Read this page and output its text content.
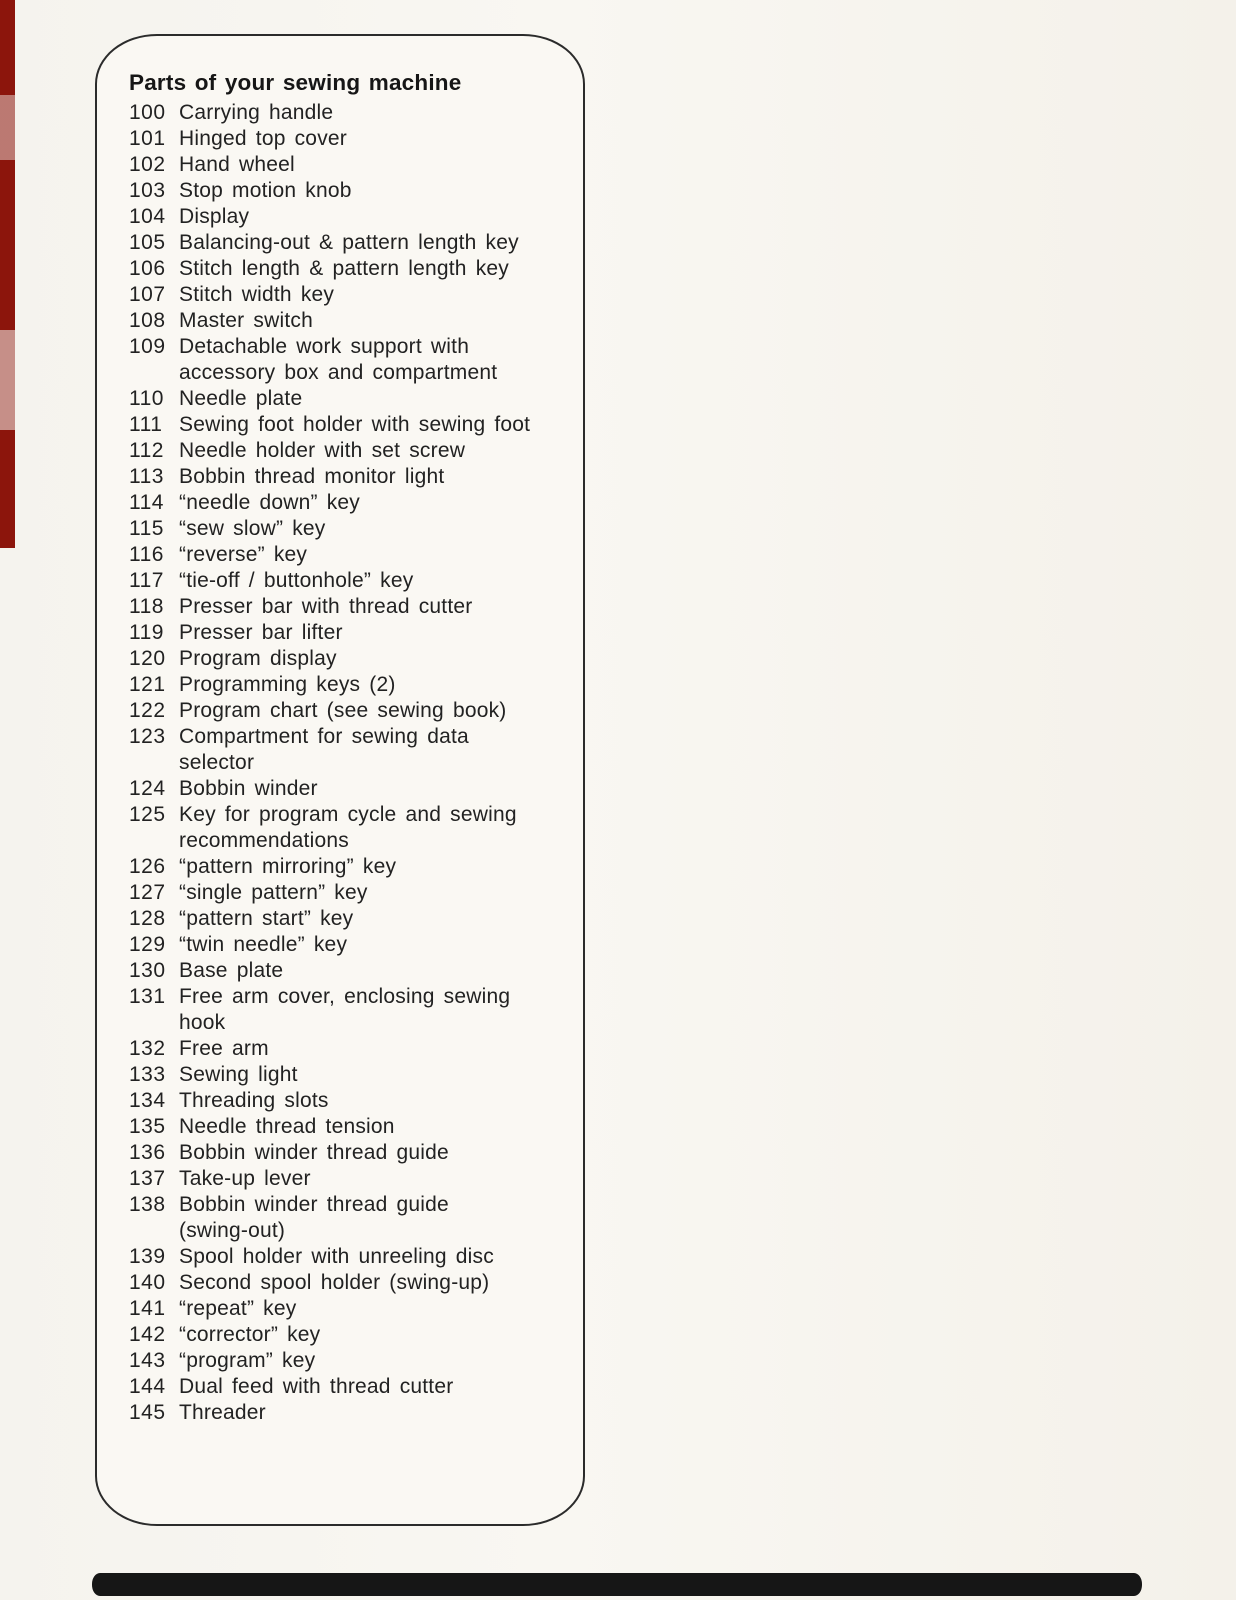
Parts of your sewing machine
100 Carrying handle
101 Hinged top cover
102 Hand wheel
103 Stop motion knob
104 Display
105 Balancing-out & pattern length key
106 Stitch length & pattern length key
107 Stitch width key
108 Master switch
109 Detachable work support with
accessory box and compartment
110 Needle plate
111 Sewing foot holder with sewing foot
112 Needle holder with set screw
113 Bobbin thread monitor light
114 “needle down” key
115 “sew slow” key
116 “reverse” key
117 “tie-off / buttonhole” key
118 Presser bar with thread cutter
119 Presser bar lifter
120 Program display
121 Programming keys (2)
122 Program chart (see sewing book)
123 Compartment for sewing data
selector
124 Bobbin winder
125 Key for program cycle and sewing
recommendations
126 “pattern mirroring” key
127 “single pattern” key
128 “pattern start” key
129 “twin needle” key
130 Base plate
131 Free arm cover, enclosing sewing
hook
132 Free arm
133 Sewing light
134 Threading slots
135 Needle thread tension
136 Bobbin winder thread guide
137 Take-up lever
138 Bobbin winder thread guide
(swing-out)
139 Spool holder with unreeling disc
140 Second spool holder (swing-up)
141 “repeat” key
142 “corrector” key
143 “program” key
144 Dual feed with thread cutter
145 Threader
